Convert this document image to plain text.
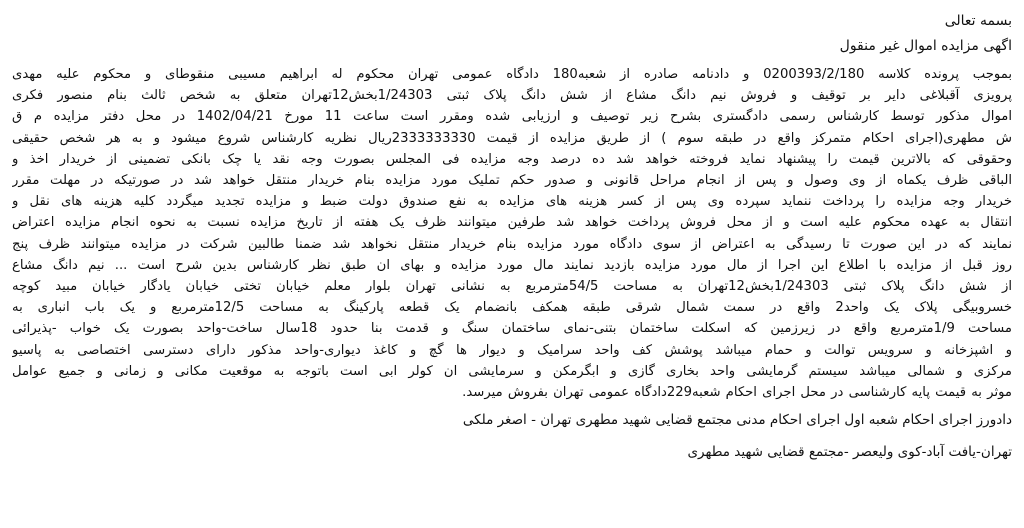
بسمه تعالی

اگهی مزایده اموال غیر منقول

بموجب پرونده کلاسه 0200393/2/180 و دادنامه صادره از شعبه180 دادگاه عمومی تهران محکوم له ابراهیم مسیبی منقوطای و محکوم علیه مهدی
پرویزی آقبلاغی دایر بر توقیف و فروش نیم دانگ مشاع از شش دانگ پلاک ثبتی 1/24303بخش12تهران متعلق به شخص ثالث بنام منصور فکری
اموال مذکور توسط کارشناس رسمی دادگستری بشرح زیر توصیف و ارزیابی شده ومقرر است ساعت 11 مورخ 1402/04/21 در محل دفتر مزایده م ق
ش مطهری(اجرای احکام متمرکز واقع در طبقه سوم ) از طریق مزایده از قیمت 2333333330ریال نظریه کارشناس شروع میشود و به هر شخص حقیقی
وحقوقی که بالاترین قیمت را پیشنهاد نماید فروخته خواهد شد ده درصد وجه مزایده فی المجلس بصورت وجه نقد یا چک بانکی تضمینی از خریدار اخذ و
الباقی ظرف یکماه از وی وصول و پس از انجام مراحل قانونی و صدور حکم تملیک مورد مزایده بنام خریدار منتقل خواهد شد در صورتیکه در مهلت مقرر
خریدار وجه مزایده را پرداخت ننماید سپرده وی پس از کسر هزینه های مزایده به نفع صندوق دولت ضبط و مزایده تجدید میگردد کلیه هزینه های نقل و
انتقال به عهده محکوم علیه است و از محل فروش پرداخت خواهد شد طرفین میتوانند ظرف یک هفته از تاریخ مزایده نسبت به نحوه انجام مزایده اعتراض
نمایند که در این صورت تا رسیدگی به اعتراض از سوی دادگاه مورد مزایده بنام خریدار منتقل نخواهد شد ضمنا طالبین شرکت در مزایده میتوانند ظرف پنج
روز قبل از مزایده با اطلاع این اجرا از مال مورد مزایده بازدید نمایند مال مورد مزایده و بهای ان طبق نظر کارشناس بدین شرح است ... نیم دانگ مشاع
از شش دانگ پلاک ثبتی 1/24303بخش12تهران به مساحت 54/5مترمربع به نشانی تهران بلوار معلم خیابان تختی خیابان یادگار خیابان مبید کوچه
خسروبیگی پلاک یک واحد2 واقع در سمت شمال شرقی طبقه همکف بانضمام یک قطعه پارکینگ به مساحت 12/5مترمربع و یک باب انباری به
مساحت 1/9مترمربع واقع در زیرزمین که اسکلت ساختمان بتنی-نمای ساختمان سنگ و قدمت بنا حدود 18سال ساخت-واحد بصورت یک خواب -پذیرائی
و اشپزخانه و سرویس توالت و حمام میباشد پوشش کف واحد سرامیک و دیوار ها گچ و کاغذ دیواری-واحد مذکور دارای دسترسی اختصاصی به پاسیو
مرکزی و شمالی میباشد سیستم گرمایشی واحد بخاری گازی و ابگرمکن و سرمایشی ان کولر ابی است باتوجه به موقعیت مکانی و زمانی و جمیع عوامل
موثر به قیمت پایه کارشناسی در محل اجرای احکام شعبه229دادگاه عمومی تهران بفروش میرسد.

دادورز اجرای احکام شعبه اول اجرای احکام مدنی مجتمع قضایی شهید مطهری تهران - اصغر ملکی

تهران-یافت آباد-کوی ولیعصر -مجتمع قضایی شهید مطهری
